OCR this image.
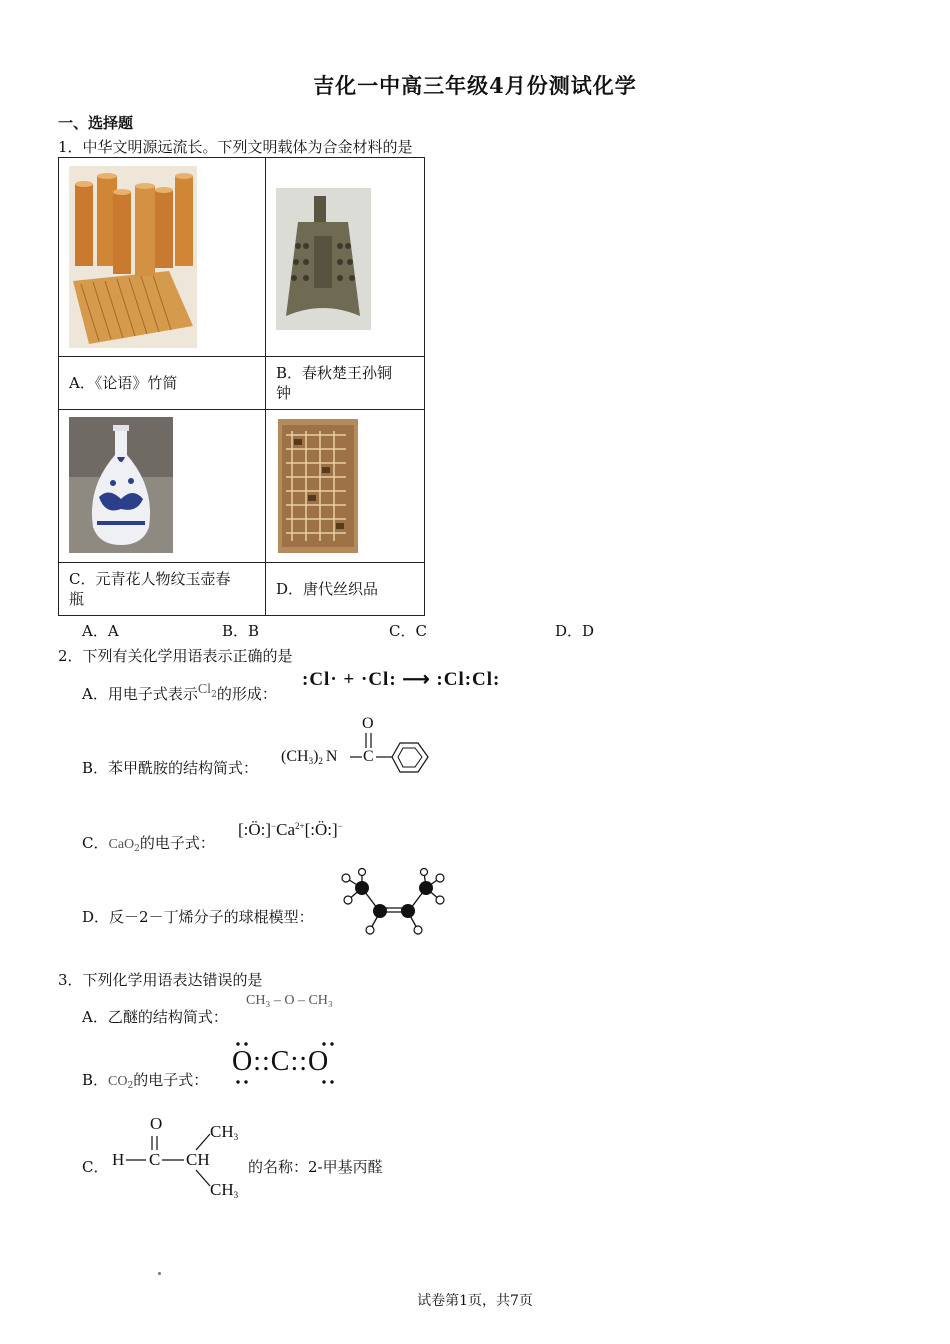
吉化一中高三年级4月份测试化学
一、选择题
1．中华文明源远流长。下列文明载体为合金材料的是

A．《论语》竹简	B．春秋楚王孙铜
钟

C．元青花人物纹玉壶春
瓶	D．唐代丝织品
A．A	B．B	C．C	D．D
2．下列有关化学用语表示正确的是
A．用电子式表示Cl$^2$的形成：
:Cl· + ·Cl: ⟶ :Cl:Cl:
B．苯甲酰胺的结构简式：
$(CH_3)_2$ N
O
C
C．CaO$_2$的电子式：
$[:Ö:]^-Ca^{2+}[:Ö:]^-$
D．反－2－丁烯分子的球棍模型：
3．下列化学用语表达错误的是
A．乙醚的结构简式：
CH₃ – O – CH₃
B．$CO_2$的电子式：
O::C::O
C． H C
O
CH
$CH_3$
$CH_3$
的名称：2-甲基丙醛
试卷第1页，共7页
